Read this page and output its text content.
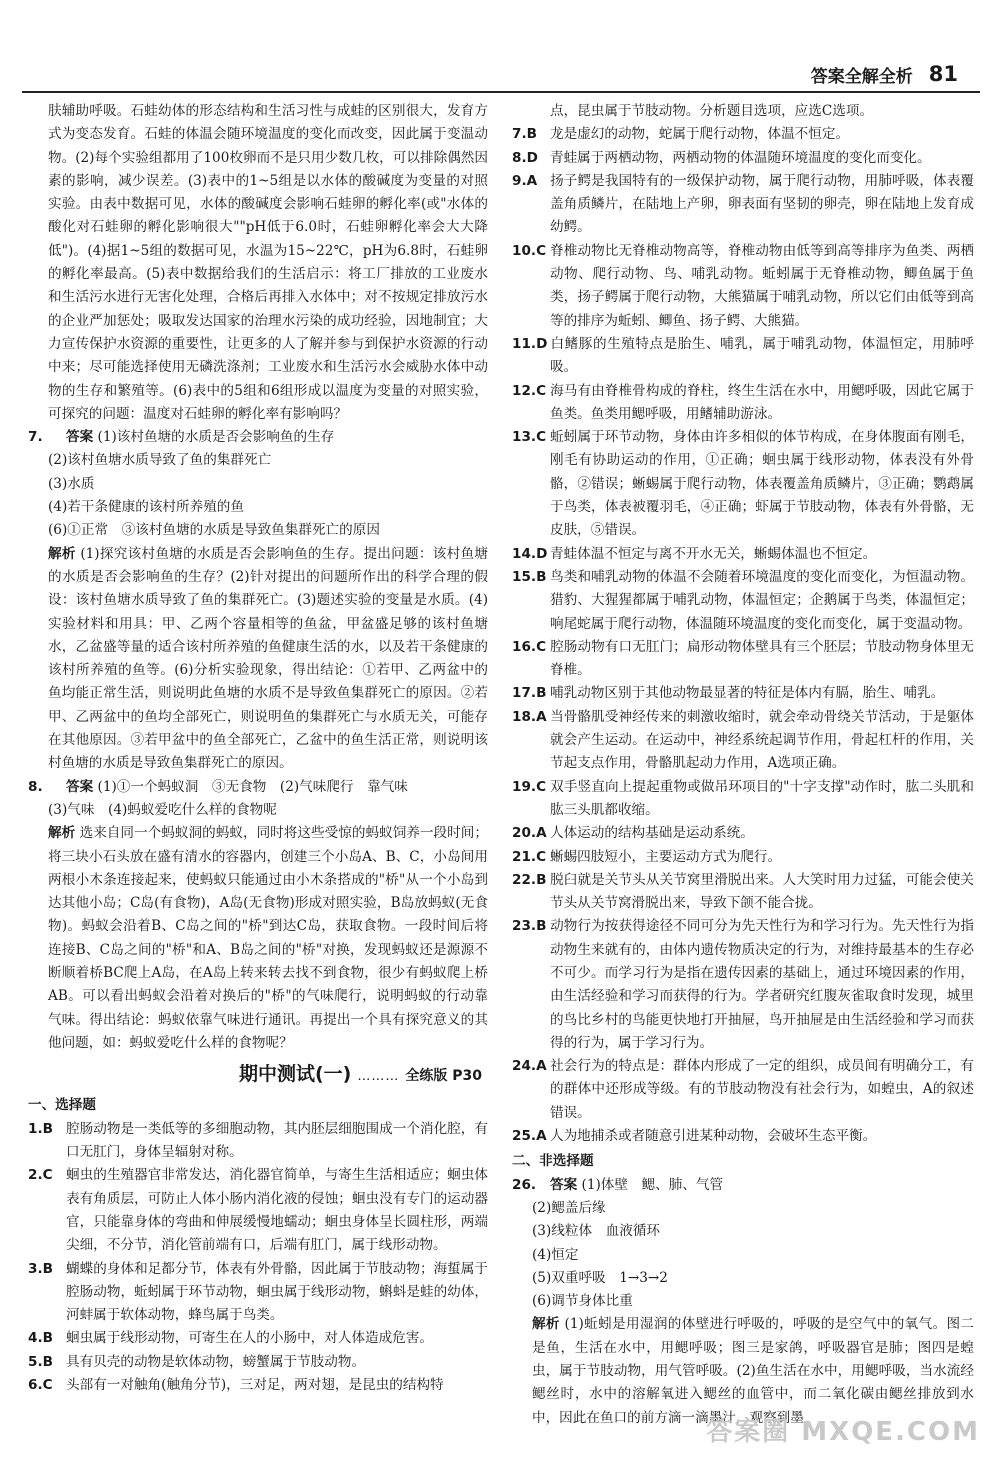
答案全解全析 81

肤辅助呼吸。石蛙幼体的形态结构和生活习性与成蛙的区别很大，发育方式为变态发育。石蛙的体温会随环境温度的变化而改变，因此属于变温动物。(2)每个实验组都用了100枚卵而不是只用少数几枚，可以排除偶然因素的影响，减少误差。(3)表中的1~5组是以水体的酸碱度为变量的对照实验。由表中数据可见，水体的酸碱度会影响石蛙卵的孵化率(或"水体的酸化对石蛙卵的孵化影响很大""pH低于6.0时，石蛙卵孵化率会大大降低")。(4)据1~5组的数据可见，水温为15~22℃，pH为6.8时，石蛙卵的孵化率最高。(5)表中数据给我们的生活启示：将工厂排放的工业废水和生活污水进行无害化处理，合格后再排入水体中；对不按规定排放污水的企业严加惩处；吸取发达国家的治理水污染的成功经验，因地制宜；大力宣传保护水资源的重要性，让更多的人了解并参与到保护水资源的行动中来；尽可能选择使用无磷洗涤剂；工业废水和生活污水会威胁水体中动物的生存和繁殖等。(6)表中的5组和6组形成以温度为变量的对照实验，可探究的问题：温度对石蛙卵的孵化率有影响吗？

7. 答案 (1)该村鱼塘的水质是否会影响鱼的生存

(2)该村鱼塘水质导致了鱼的集群死亡

(3)水质

(4)若干条健康的该村所养殖的鱼

(6)①正常　③该村鱼塘的水质是导致鱼集群死亡的原因

解析 (1)探究该村鱼塘的水质是否会影响鱼的生存。提出问题：该村鱼塘的水质是否会影响鱼的生存？(2)针对提出的问题所作出的科学合理的假设：该村鱼塘水质导致了鱼的集群死亡。(3)题述实验的变量是水质。(4)实验材料和用具：甲、乙两个容量相等的鱼盆，甲盆盛足够的该村鱼塘水，乙盆盛等量的适合该村所养殖的鱼健康生活的水，以及若干条健康的该村所养殖的鱼等。(6)分析实验现象，得出结论：①若甲、乙两盆中的鱼均能正常生活，则说明此鱼塘的水质不是导致鱼集群死亡的原因。②若甲、乙两盆中的鱼均全部死亡，则说明鱼的集群死亡与水质无关，可能存在其他原因。③若甲盆中的鱼全部死亡，乙盆中的鱼生活正常，则说明该村鱼塘的水质是导致鱼集群死亡的原因。

8. 答案 (1)①一个蚂蚁洞　③无食物　(2)气味爬行　靠气味

(3)气味　(4)蚂蚁爱吃什么样的食物呢

解析 选来自同一个蚂蚁洞的蚂蚁，同时将这些受惊的蚂蚁饲养一段时间；将三块小石头放在盛有清水的容器内，创建三个小岛A、B、C，小岛间用两根小木条连接起来，使蚂蚁只能通过由小木条搭成的"桥"从一个小岛到达其他小岛；C岛(有食物)，A岛(无食物)形成对照实验，B岛放蚂蚁(无食物)。蚂蚁会沿着B、C岛之间的"桥"到达C岛，获取食物。一段时间后将连接B、C岛之间的"桥"和A、B岛之间的"桥"对换，发现蚂蚁还是源源不断顺着桥BC爬上A岛，在A岛上转来转去找不到食物，很少有蚂蚁爬上桥AB。可以看出蚂蚁会沿着对换后的"桥"的气味爬行，说明蚂蚁的行动靠气味。得出结论：蚂蚁依靠气味进行通讯。再提出一个具有探究意义的其他问题，如：蚂蚁爱吃什么样的食物呢？

期中测试(一) ……… 全练版 P30

一、选择题

1.B 腔肠动物是一类低等的多细胞动物，其内胚层细胞围成一个消化腔，有口无肛门，身体呈辐射对称。

2.C 蛔虫的生殖器官非常发达，消化器官简单，与寄生生活相适应；蛔虫体表有角质层，可防止人体小肠内消化液的侵蚀；蛔虫没有专门的运动器官，只能靠身体的弯曲和伸展缓慢地蠕动；蛔虫身体呈长圆柱形，两端尖细，不分节，消化管前端有口，后端有肛门，属于线形动物。

3.B 蝴蝶的身体和足都分节，体表有外骨骼，因此属于节肢动物；海蜇属于腔肠动物，蚯蚓属于环节动物，蛔虫属于线形动物，蝌蚪是蛙的幼体，河蚌属于软体动物，蜂鸟属于鸟类。

4.B 蛔虫属于线形动物，可寄生在人的小肠中，对人体造成危害。

5.B 具有贝壳的动物是软体动物，螃蟹属于节肢动物。

6.C 头部有一对触角(触角分节)，三对足，两对翅，是昆虫的结构特

点，昆虫属于节肢动物。分析题目选项，应选C选项。

7.B 龙是虚幻的动物，蛇属于爬行动物，体温不恒定。

8.D 青蛙属于两栖动物，两栖动物的体温随环境温度的变化而变化。

9.A 扬子鳄是我国特有的一级保护动物，属于爬行动物，用肺呼吸，体表覆盖角质鳞片，在陆地上产卵，卵表面有坚韧的卵壳，卵在陆地上发育成幼鳄。

10.C 脊椎动物比无脊椎动物高等，脊椎动物由低等到高等排序为鱼类、两栖动物、爬行动物、鸟、哺乳动物。蚯蚓属于无脊椎动物，鲫鱼属于鱼类，扬子鳄属于爬行动物，大熊猫属于哺乳动物，所以它们由低等到高等的排序为蚯蚓、鲫鱼、扬子鳄、大熊猫。

11.D 白鳍豚的生殖特点是胎生、哺乳，属于哺乳动物，体温恒定，用肺呼吸。

12.C 海马有由脊椎骨构成的脊柱，终生生活在水中，用鳃呼吸，因此它属于鱼类。鱼类用鳃呼吸，用鳍辅助游泳。

13.C 蚯蚓属于环节动物，身体由许多相似的体节构成，在身体腹面有刚毛，刚毛有协助运动的作用，①正确；蛔虫属于线形动物，体表没有外骨骼，②错误；蜥蜴属于爬行动物，体表覆盖角质鳞片，③正确；鹦鹉属于鸟类，体表被覆羽毛，④正确；虾属于节肢动物，体表有外骨骼，无皮肤，⑤错误。

14.D 青蛙体温不恒定与离不开水无关，蜥蜴体温也不恒定。

15.B 鸟类和哺乳动物的体温不会随着环境温度的变化而变化，为恒温动物。猎豹、大猩猩都属于哺乳动物，体温恒定；企鹅属于鸟类，体温恒定；响尾蛇属于爬行动物，体温随环境温度的变化而变化，属于变温动物。

16.C 腔肠动物有口无肛门；扁形动物体壁具有三个胚层；节肢动物身体里无脊椎。

17.B 哺乳动物区别于其他动物最显著的特征是体内有膈，胎生、哺乳。

18.A 当骨骼肌受神经传来的刺激收缩时，就会牵动骨绕关节活动，于是躯体就会产生运动。在运动中，神经系统起调节作用，骨起杠杆的作用，关节起支点作用，骨骼肌起动力作用，A选项正确。

19.C 双手竖直向上提起重物或做吊环项目的"十字支撑"动作时，肱二头肌和肱三头肌都收缩。

20.A 人体运动的结构基础是运动系统。

21.C 蜥蜴四肢短小，主要运动方式为爬行。

22.B 脱臼就是关节头从关节窝里滑脱出来。人大笑时用力过猛，可能会使关节头从关节窝滑脱出来，导致下颌不能合拢。

23.B 动物行为按获得途径不同可分为先天性行为和学习行为。先天性行为指动物生来就有的，由体内遗传物质决定的行为，对维持最基本的生存必不可少。而学习行为是指在遗传因素的基础上，通过环境因素的作用，由生活经验和学习而获得的行为。学者研究红腹灰雀取食时发现，城里的鸟比乡村的鸟能更快地打开抽屉，鸟开抽屉是由生活经验和学习而获得的行为，属于学习行为。

24.A 社会行为的特点是：群体内形成了一定的组织，成员间有明确分工，有的群体中还形成等级。有的节肢动物没有社会行为，如蝗虫，A的叙述错误。

25.A 人为地捕杀或者随意引进某种动物，会破坏生态平衡。

二、非选择题

26. 答案 (1)体壁　鳃、肺、气管

(2)鳃盖后缘

(3)线粒体　血液循环

(4)恒定

(5)双重呼吸　1→3→2

(6)调节身体比重

解析 (1)蚯蚓是用湿润的体壁进行呼吸的，呼吸的是空气中的氧气。图二是鱼，生活在水中，用鳃呼吸；图三是家鸽，呼吸器官是肺；图四是蝗虫，属于节肢动物，用气管呼吸。(2)鱼生活在水中，用鳃呼吸，当水流经鳃丝时，水中的溶解氧进入鳃丝的血管中，而二氧化碳由鳃丝排放到水中，因此在鱼口的前方滴一滴墨汁，观察到墨

答案圈 MXQE.COM
